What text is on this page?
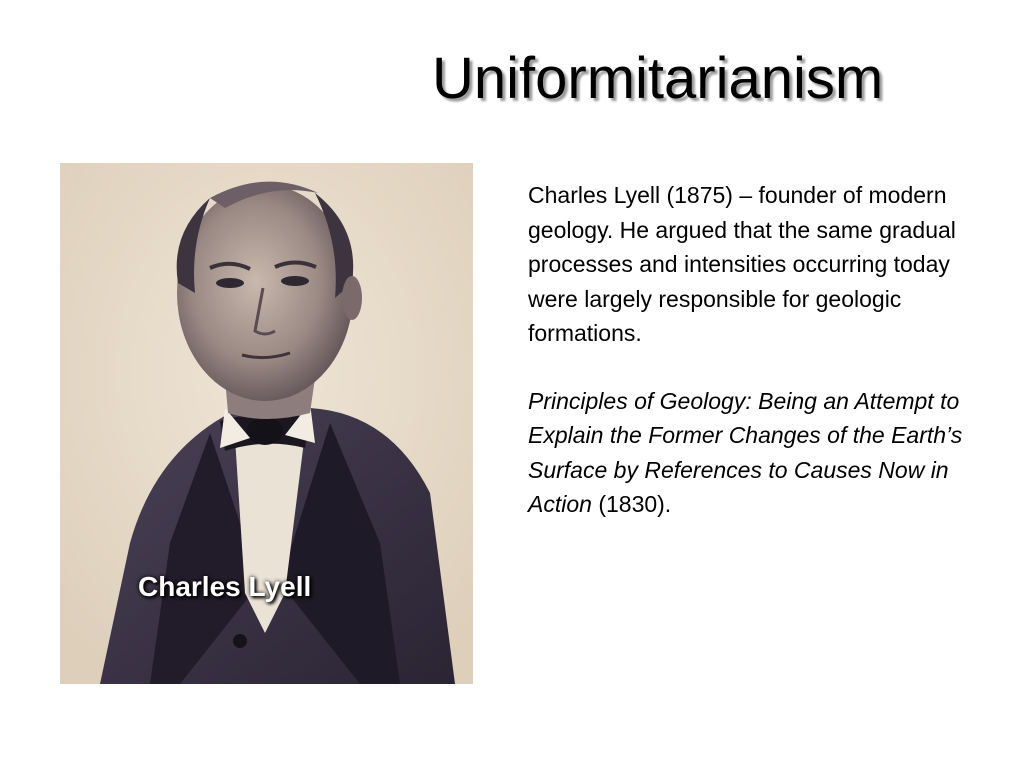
Uniformitarianism
Charles Lyell

Charles Lyell (1875) – founder of modern geology. He argued that the same gradual processes and intensities occurring today were largely responsible for geologic formations.

Principles of Geology: Being an Attempt to Explain the Former Changes of the Earth’s Surface by References to Causes Now in Action (1830).
